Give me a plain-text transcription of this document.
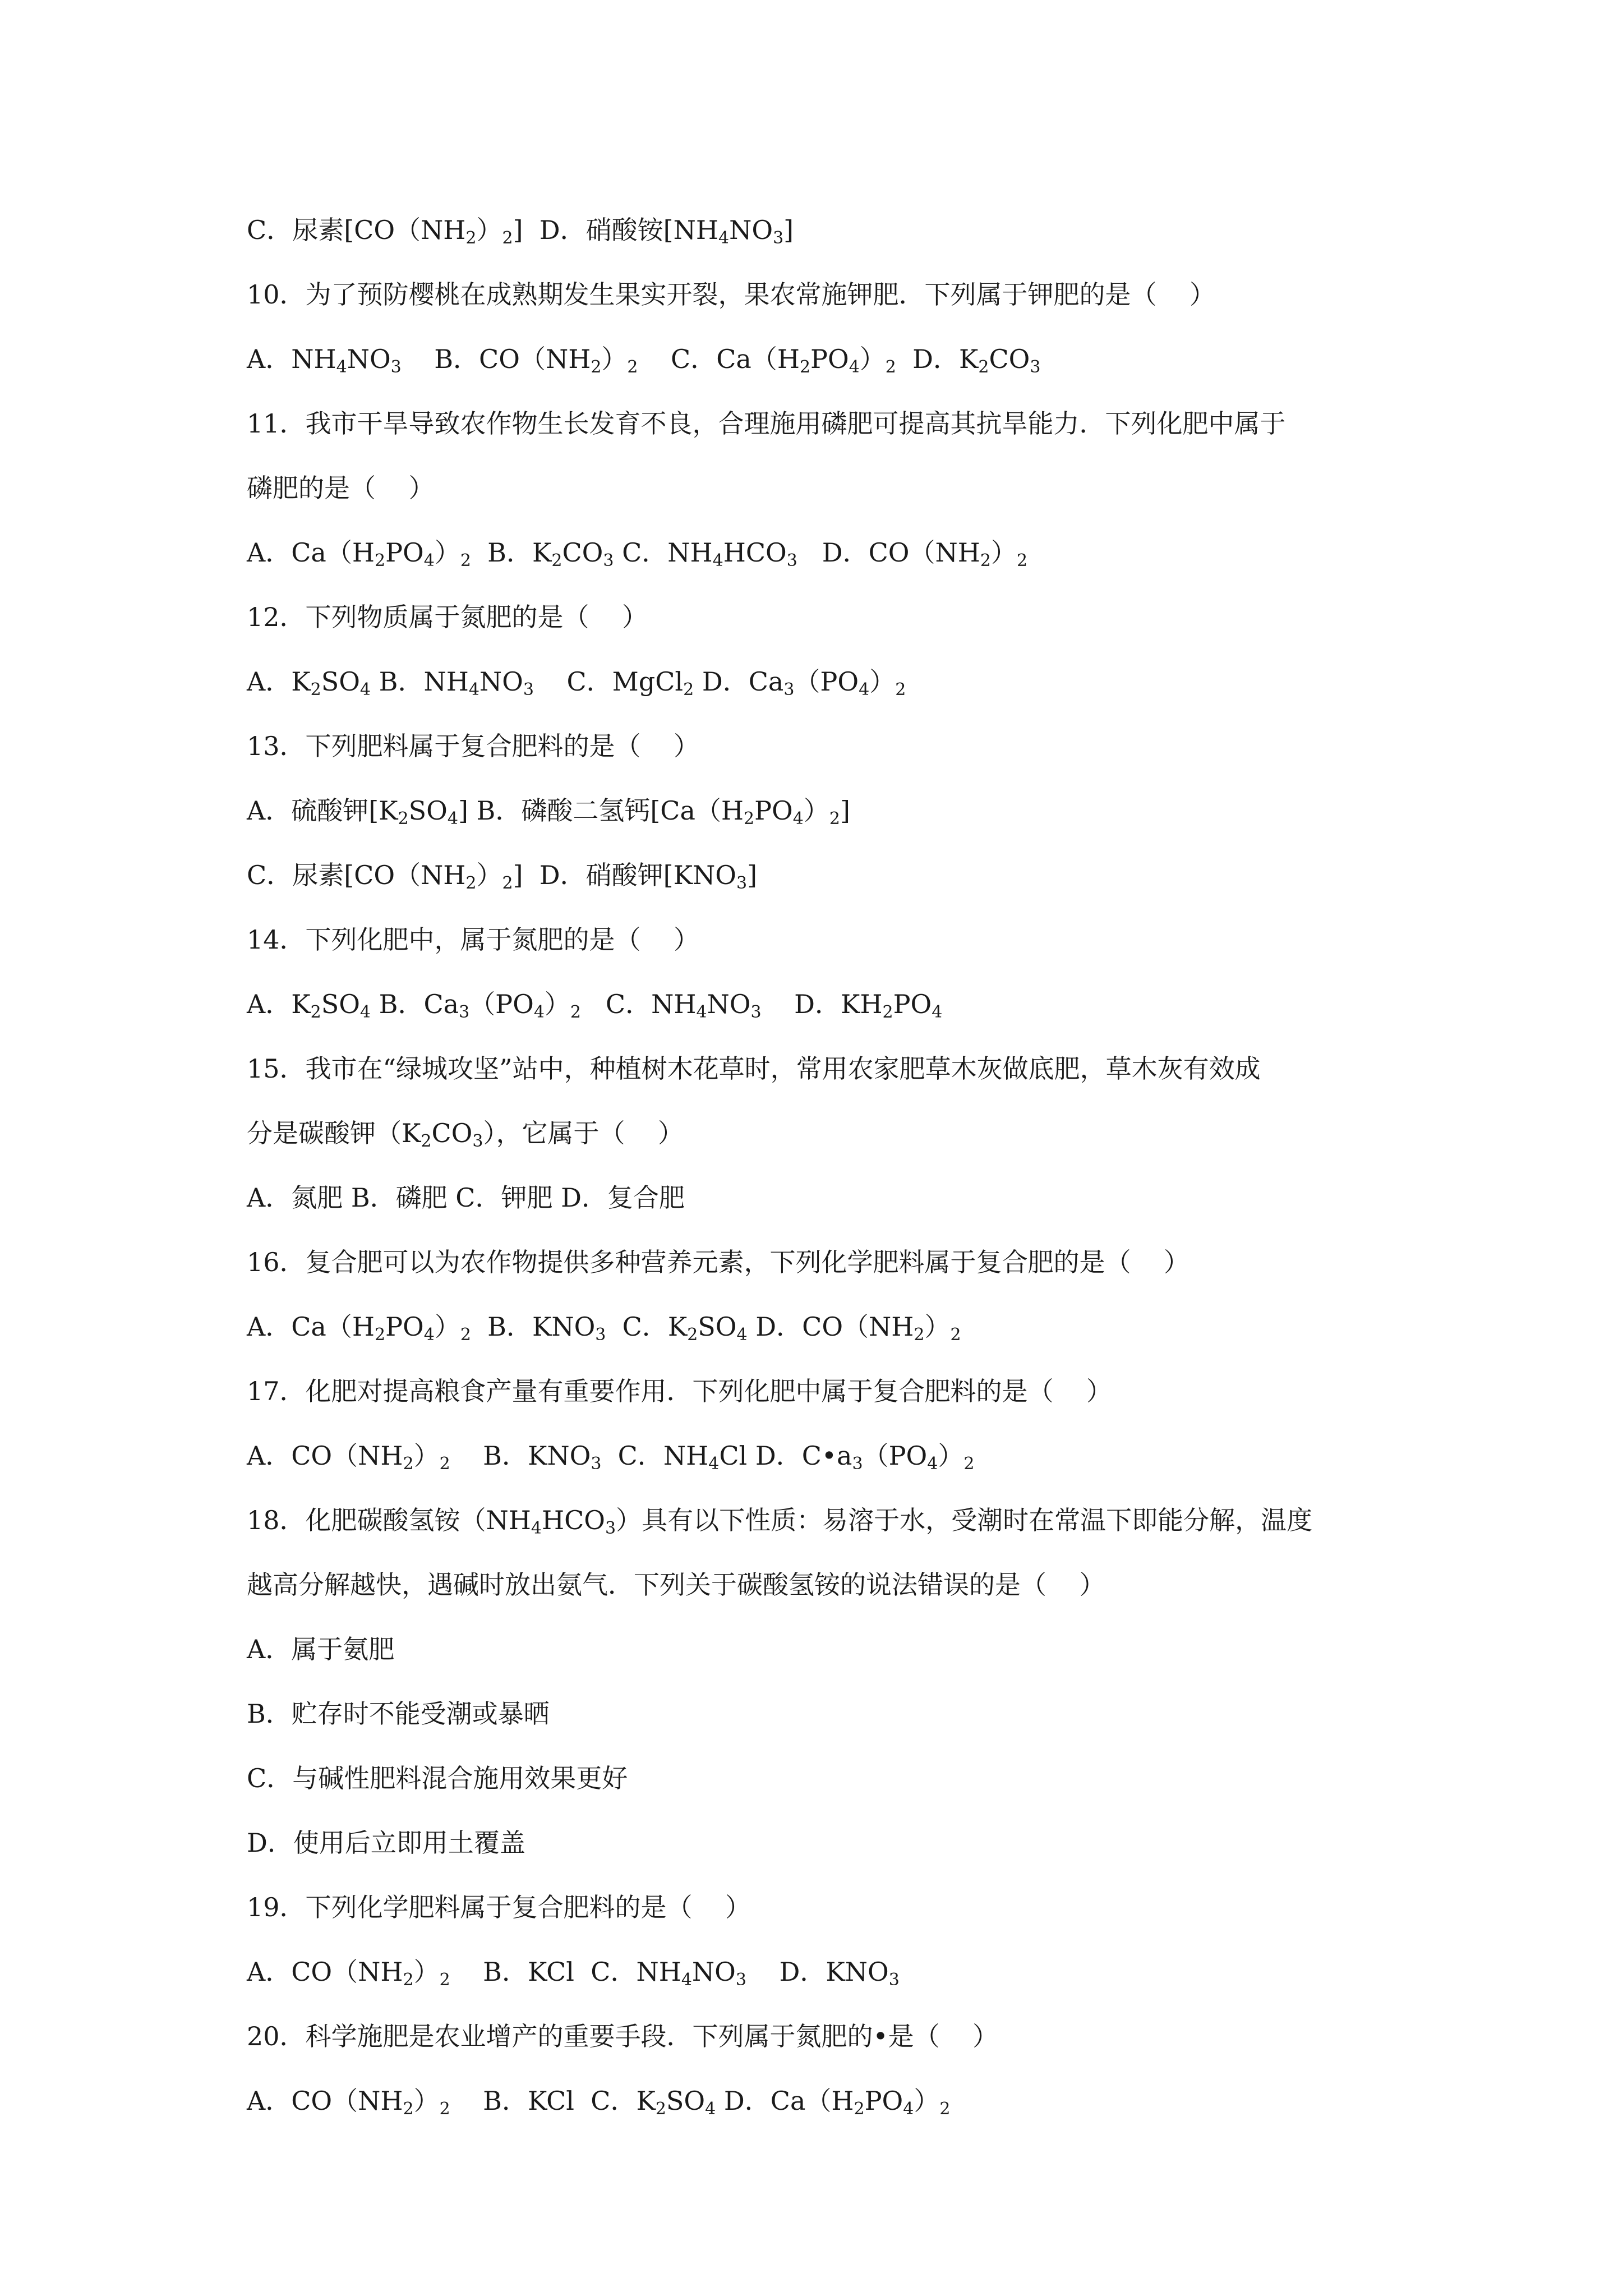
C．尿素$[CO(NH_2)_2]$  D．硝酸铵$[NH_4NO_3]$
10．为了预防樱桃在成熟期发生果实开裂，果农常施钾肥．下列属于钾肥的是（    ）
A．$NH_4NO_3$    B．$CO(NH_2)_2$    C．$Ca(H_2PO_4)_2$  D．$K_2CO_3$
11．我市干旱导致农作物生长发育不良，合理施用磷肥可提高其抗旱能力．下列化肥中属于
磷肥的是（    ）
A．$Ca(H_2PO_4)_2$  B．$K_2CO_3$ C．$NH_4HCO_3$   D．$CO(NH_2)_2$
12．下列物质属于氮肥的是（    ）
A．$K_2SO_4$ B．$NH_4NO_3$    C．MgCl$_2$ D．$Ca_3(PO_4)_2$
13．下列肥料属于复合肥料的是（    ）
A．硫酸钾$[K_2SO_4]$ B．磷酸二氢钙$[Ca(H_2PO_4)_2]$
C．尿素$[CO(NH_2)_2]$  D．硝酸钾$[KNO_3]$
14．下列化肥中，属于氮肥的是（    ）
A．$K_2SO_4$ B．$Ca_3(PO_4)_2$   C．$NH_4NO_3$    D．$KH_2PO_4$
15．我市在“绿城攻坚”站中，种植树木花草时，常用农家肥草木灰做底肥，草木灰有效成
分是碳酸钾$(K_2CO_3)$，它属于（    ）
A．氮肥 B．磷肥 C．钾肥 D．复合肥
16．复合肥可以为农作物提供多种营养元素，下列化学肥料属于复合肥的是（    ）
A．$Ca(H_2PO_4)_2$  B．$KNO_3$  C．$K_2SO_4$ D．$CO(NH_2)_2$
17．化肥对提高粮食产量有重要作用．下列化肥中属于复合肥料的是（    ）
A．$CO(NH_2)_2$    B．$KNO_3$  C．$NH_4Cl$ D．$C•a_3(PO_4)_2$
18．化肥碳酸氢铵$(NH_4HCO_3)$具有以下性质：易溶于水，受潮时在常温下即能分解，温度
越高分解越快，遇碱时放出氨气．下列关于碳酸氢铵的说法错误的是（    ）
A．属于氨肥
B．贮存时不能受潮或暴晒
C．与碱性肥料混合施用效果更好
D．使用后立即用土覆盖
19．下列化学肥料属于复合肥料的是（    ）
A．$CO(NH_2)_2$    B．KCl  C．$NH_4NO_3$    D．$KNO_3$
20．科学施肥是农业增产的重要手段．下列属于氮肥的•是（    ）
A．$CO(NH_2)_2$    B．KCl  C．$K_2SO_4$ D．$Ca(H_2PO_4)_2$
